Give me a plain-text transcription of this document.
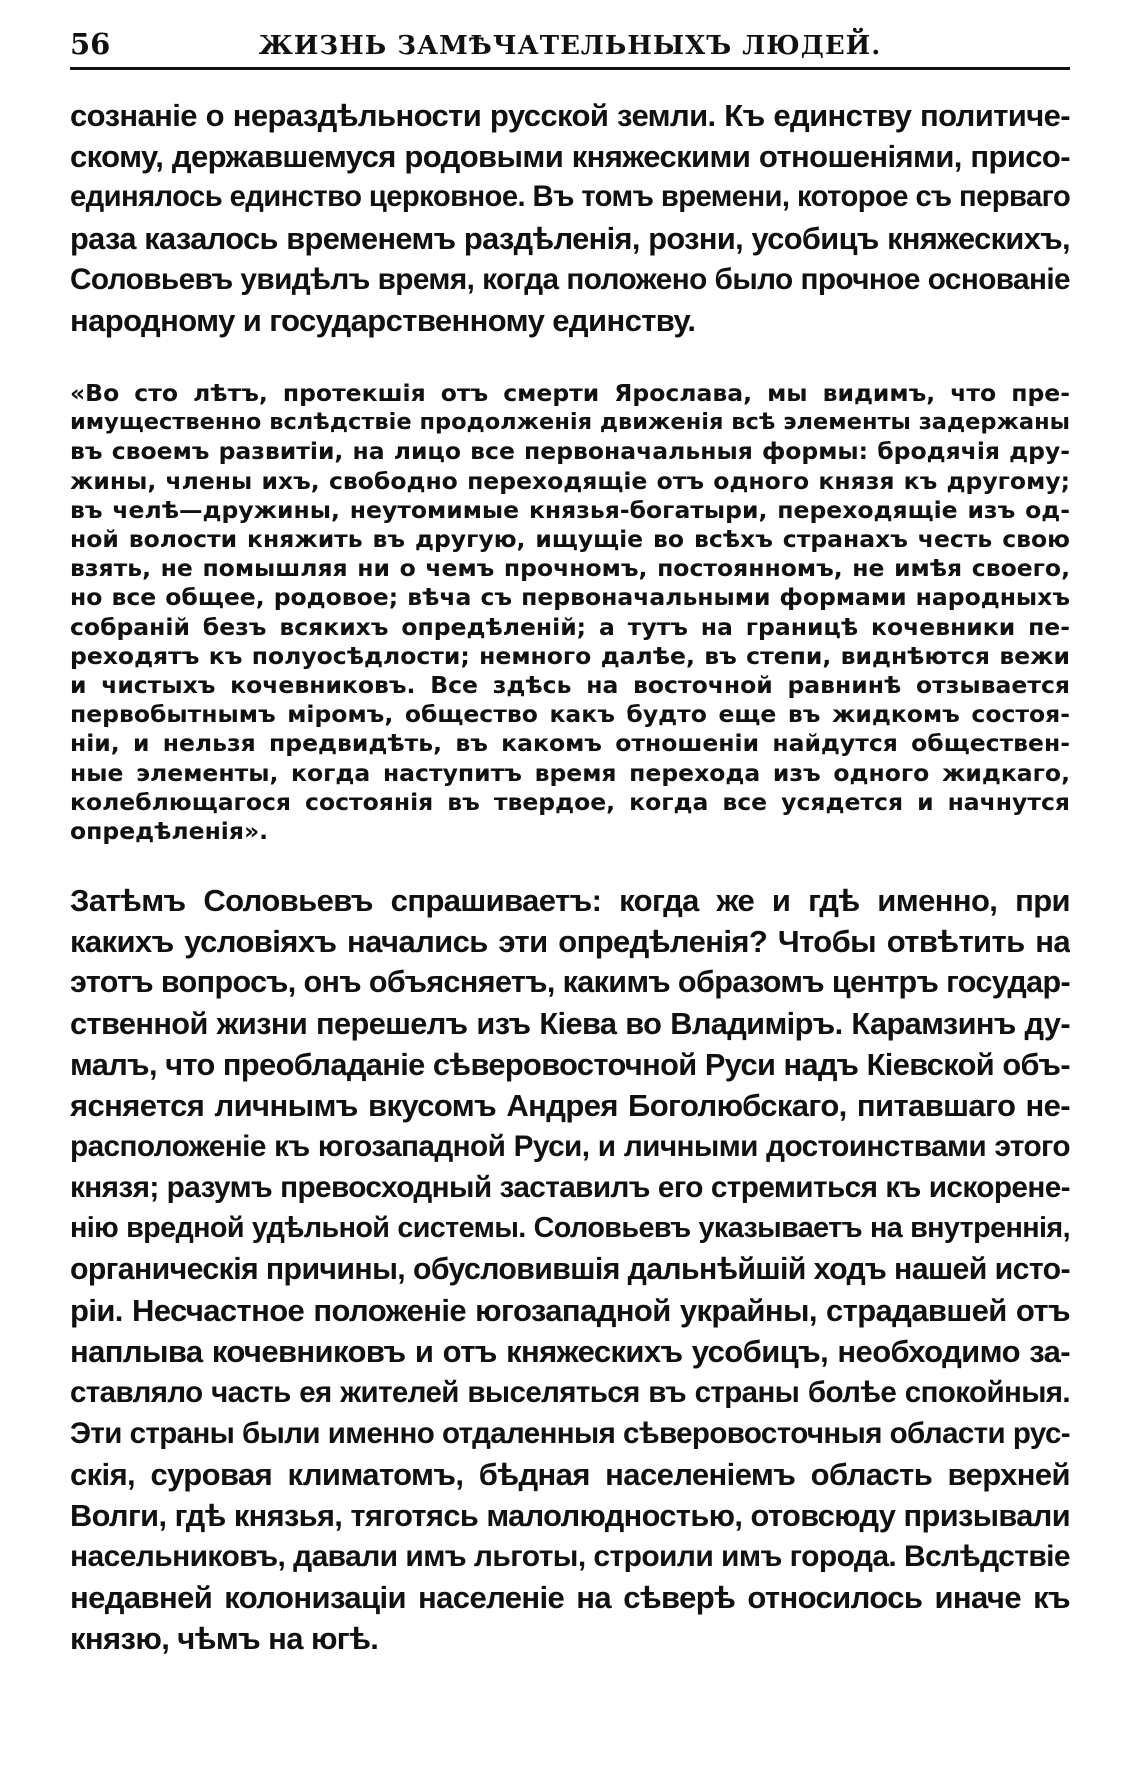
56	ЖИЗНЬ ЗАМѢЧАТЕЛЬНЫХЪ ЛЮДЕЙ.

сознаніе о нераздѣльности русской земли. Къ единству политиче-
скому, державшемуся родовыми княжескими отношеніями, присо-
единялось единство церковное. Въ томъ времени, которое съ перваго
раза казалось временемъ раздѣленія, розни, усобицъ княжескихъ,
Соловьевъ увидѣлъ время, когда положено было прочное основаніе
народному и государственному единству.

«Во сто лѣтъ, протекшія отъ смерти Ярослава, мы видимъ, что пре-
имущественно вслѣдствіе продолженія движенія всѣ элементы задержаны
въ своемъ развитіи, на лицо все первоначальныя формы: бродячія дру-
жины, члены ихъ, свободно переходящіе отъ одного князя къ другому;
въ челѣ—дружины, неутомимые князья-богатыри, переходящіе изъ од-
ной волости княжить въ другую, ищущіе во всѣхъ странахъ честь свою
взять, не помышляя ни о чемъ прочномъ, постоянномъ, не имѣя своего,
но все общее, родовое; вѣча съ первоначальными формами народныхъ
собраній безъ всякихъ опредѣленій; а тутъ на границѣ кочевники пе-
реходятъ къ полуосѣдлости; немного далѣе, въ степи, виднѣются вежи
и чистыхъ кочевниковъ. Все здѣсь на восточной равнинѣ отзывается
первобытнымъ міромъ, общество какъ будто еще въ жидкомъ состоя-
ніи, и нельзя предвидѣть, въ какомъ отношеніи найдутся обществен-
ные элементы, когда наступитъ время перехода изъ одного жидкаго,
колеблющагося состоянія въ твердое, когда все усядется и начнутся
опредѣленія».

Затѣмъ Соловьевъ спрашиваетъ: когда же и гдѣ именно, при
какихъ условіяхъ начались эти опредѣленія? Чтобы отвѣтить на
этотъ вопросъ, онъ объясняетъ, какимъ образомъ центръ государ-
ственной жизни перешелъ изъ Кіева во Владиміръ. Карамзинъ ду-
малъ, что преобладаніе сѣверовосточной Руси надъ Кіевской объ-
ясняется личнымъ вкусомъ Андрея Боголюбскаго, питавшаго не-
расположеніе къ югозападной Руси, и личными достоинствами этого
князя; разумъ превосходный заставилъ его стремиться къ искорене-
нію вредной удѣльной системы. Соловьевъ указываетъ на внутреннія,
органическія причины, обусловившія дальнѣйшій ходъ нашей исто-
ріи. Несчастное положеніе югозападной украйны, страдавшей отъ
наплыва кочевниковъ и отъ княжескихъ усобицъ, необходимо за-
ставляло часть ея жителей выселяться въ страны болѣе спокойныя.
Эти страны были именно отдаленныя сѣверовосточныя области рус-
скія, суровая климатомъ, бѣдная населеніемъ область верхней
Волги, гдѣ князья, тяготясь малолюдностью, отовсюду призывали
насельниковъ, давали имъ льготы, строили имъ города. Вслѣдствіе
недавней колонизаціи населеніе на сѣверѣ относилось иначе къ
князю, чѣмъ на югѣ.
